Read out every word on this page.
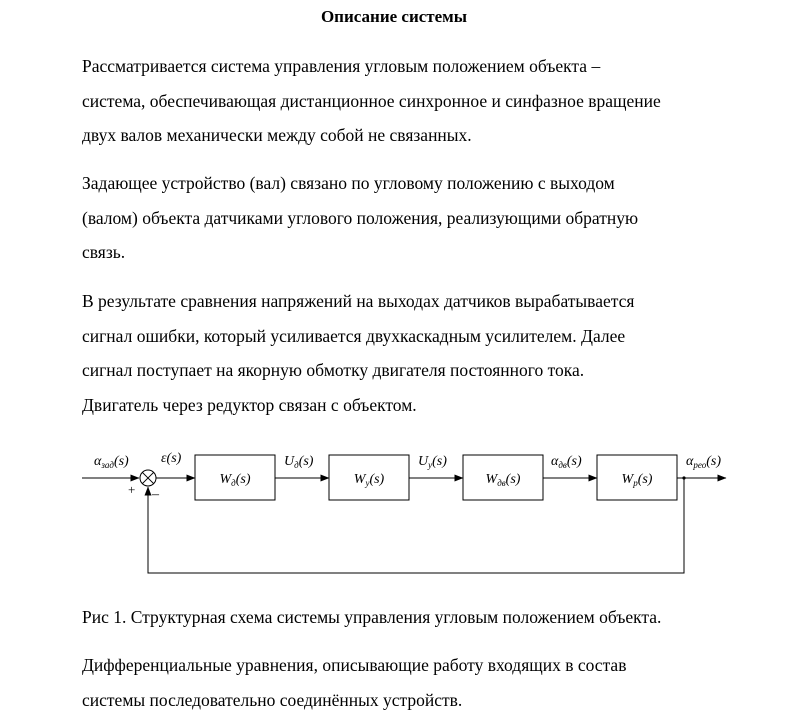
Описание системы

Рассматривается система управления угловым положением объекта –
система, обеспечивающая дистанционное синхронное и синфазное вращение
двух валов механически между собой не связанных.

Задающее устройство (вал) связано по угловому положению с выходом
(валом) объекта датчиками углового положения, реализующими обратную
связь.

В результате сравнения напряжений на выходах датчиков вырабатывается
сигнал ошибки, который усиливается двухкаскадным усилителем. Далее
сигнал поступает на якорную обмотку двигателя постоянного тока.
Двигатель через редуктор связан с объектом.

+ –
$W_д(s)$	$W_у(s)$	$W_{дв}(s)$	$W_р(s)$
$\alpha_{зад}(s)$ ε(s)	$U_д(s)$	$U_у(s)$	$\alpha_{дв}(s)$	$\alpha_{рео}(s)$

Рис 1. Структурная схема системы управления угловым положением объекта.

Дифференциальные уравнения, описывающие работу входящих в состав
системы последовательно соединённых устройств.
